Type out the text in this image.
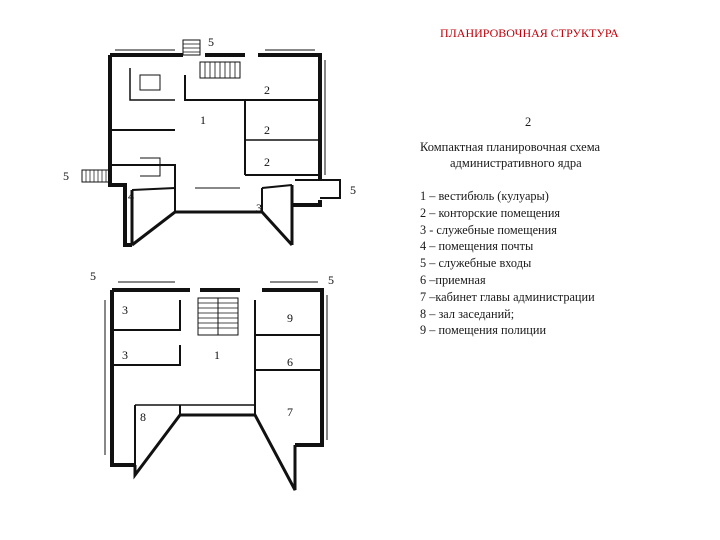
5
2
1
2
2
5
4
3
5
5	5
3
9
3	1	6
8	7
ПЛАНИРОВОЧНАЯ СТРУКТУРА
2
Компактная планировочная схема
административного ядра
1 – вестибюль (кулуары)
2 – конторские помещения
3 - служебные помещения
4 – помещения почты
5 – служебные входы
6 –приемная
7 –кабинет главы администрации
8 – зал заседаний;
9 – помещения полиции
